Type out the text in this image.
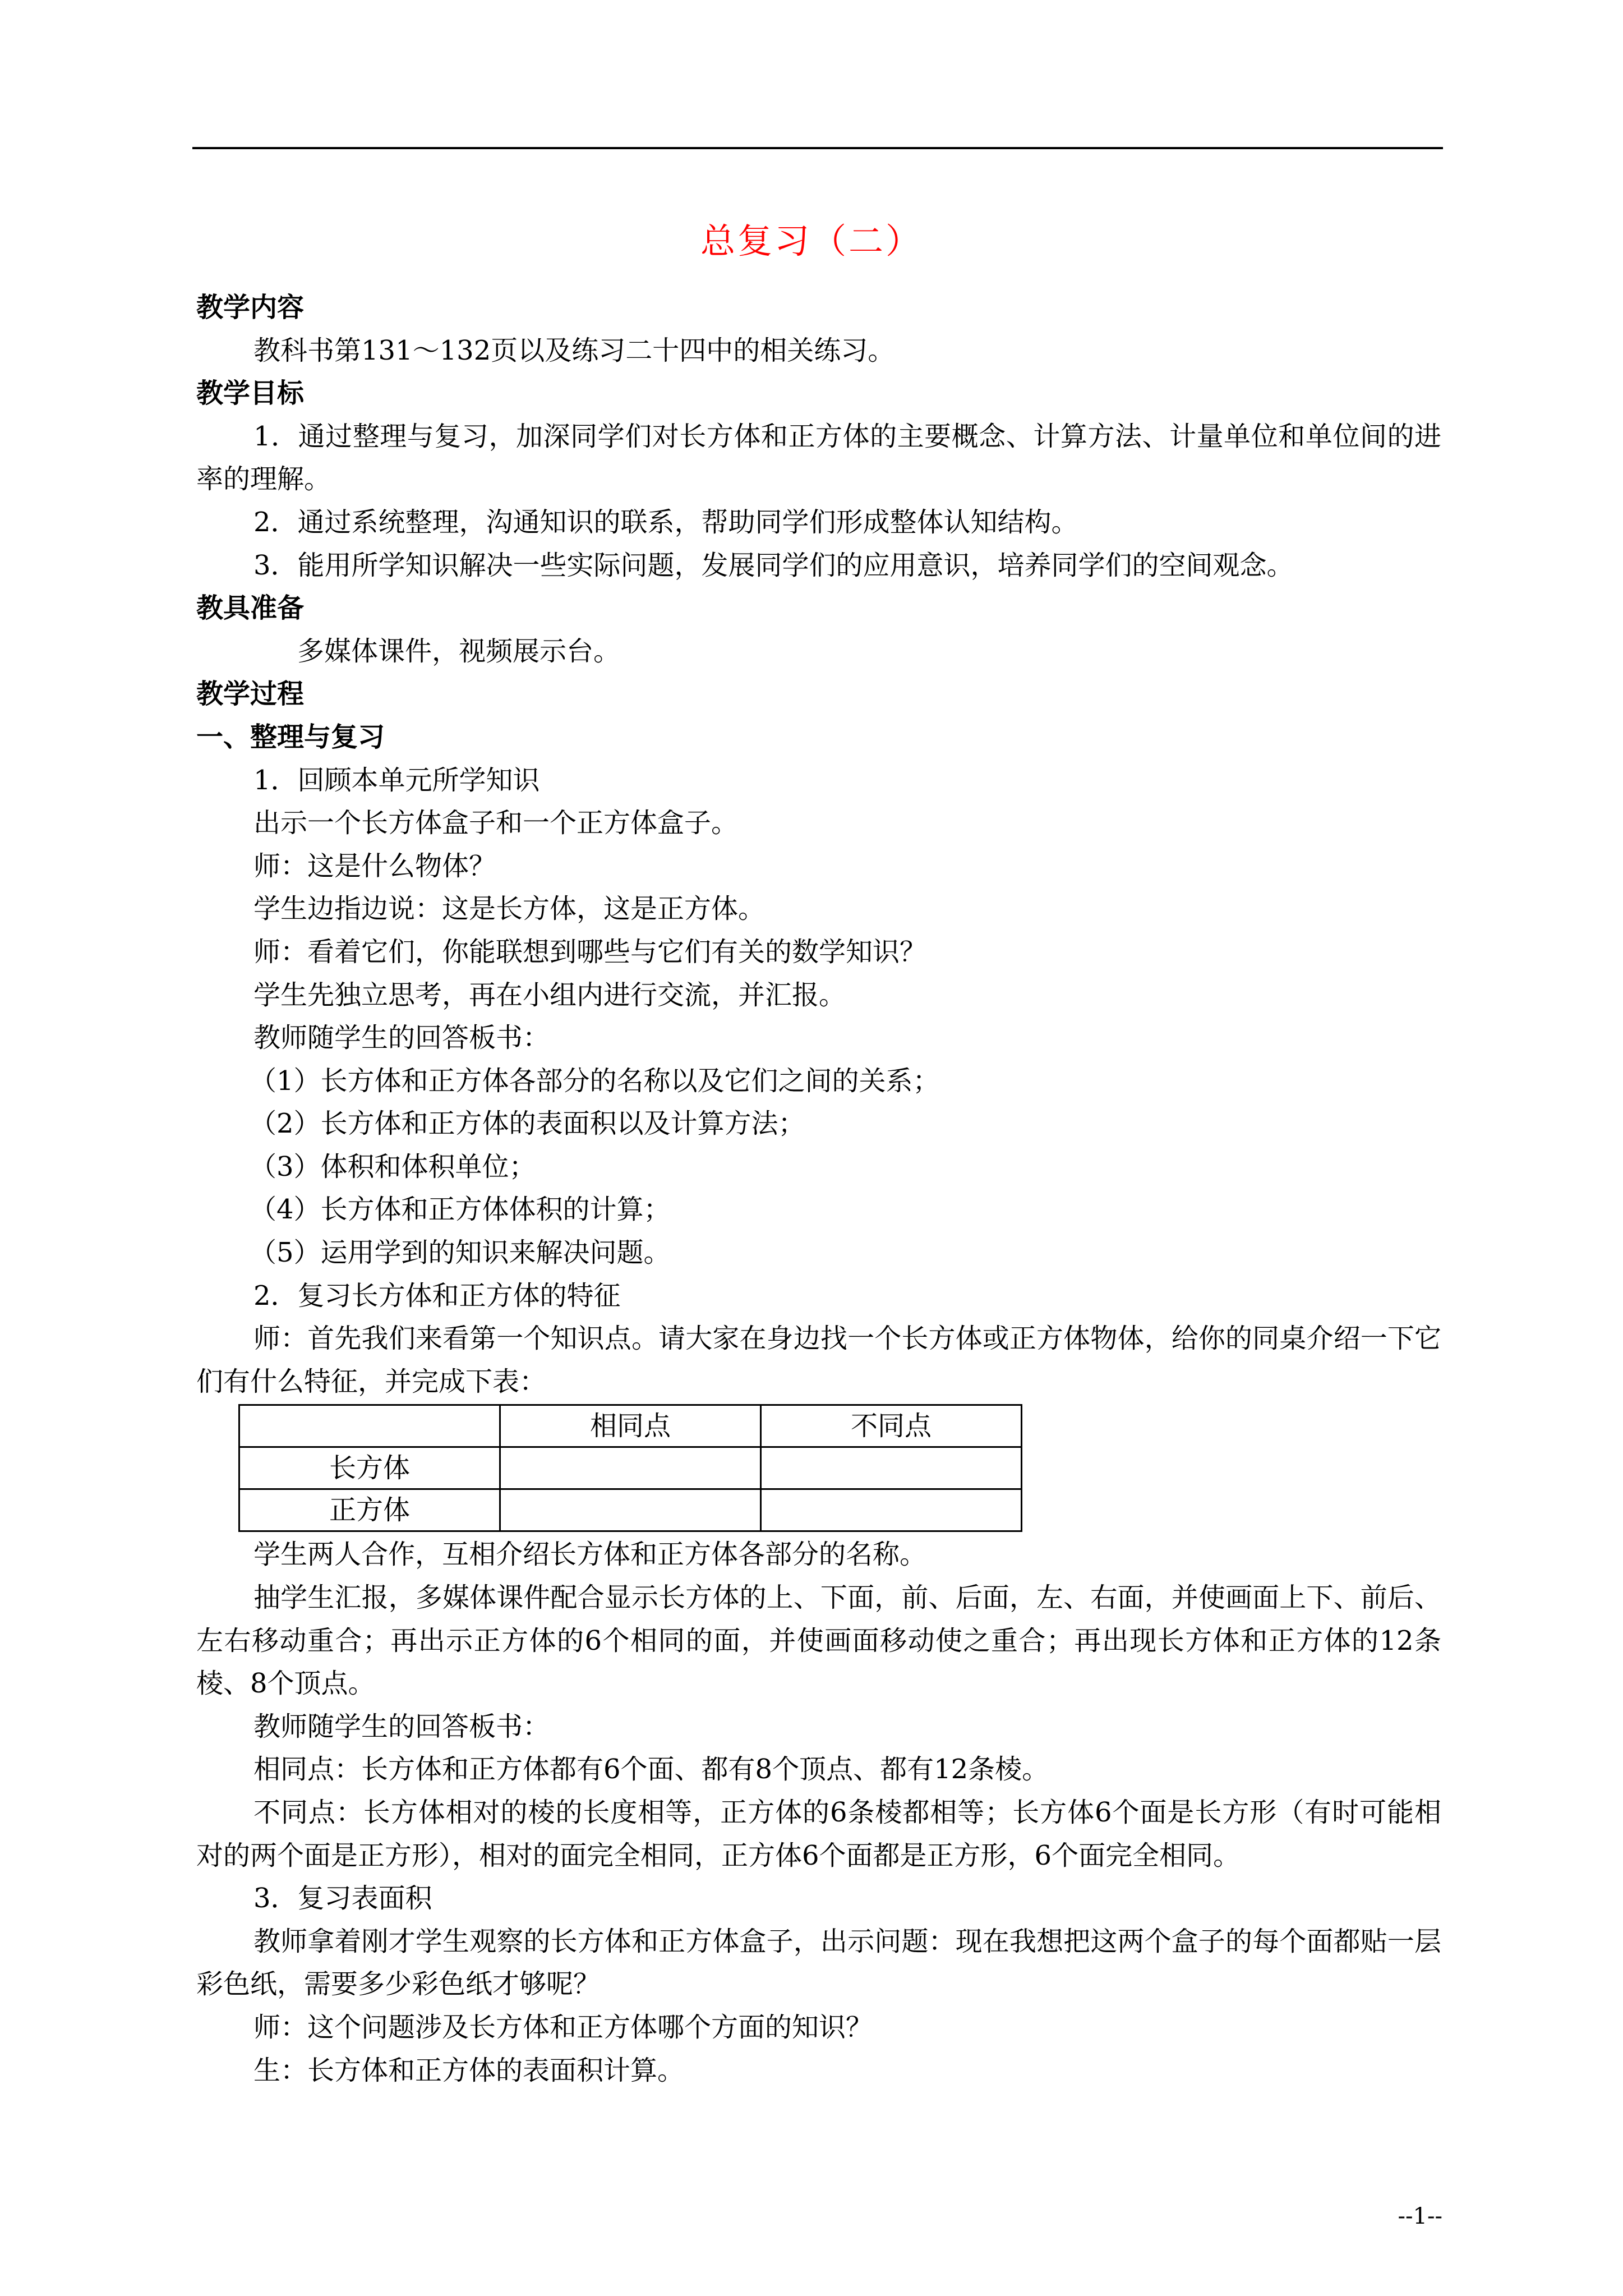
总复习（二）

教学内容

教科书第131～132页以及练习二十四中的相关练习。

教学目标

1．通过整理与复习，加深同学们对长方体和正方体的主要概念、计算方法、计量单位和单位间的进率的理解。

2．通过系统整理，沟通知识的联系，帮助同学们形成整体认知结构。

3．能用所学知识解决一些实际问题，发展同学们的应用意识，培养同学们的空间观念。

教具准备

多媒体课件，视频展示台。

教学过程

一、整理与复习

1．回顾本单元所学知识

出示一个长方体盒子和一个正方体盒子。

师：这是什么物体？

学生边指边说：这是长方体，这是正方体。

师：看着它们，你能联想到哪些与它们有关的数学知识？

学生先独立思考，再在小组内进行交流，并汇报。

教师随学生的回答板书：

（1）长方体和正方体各部分的名称以及它们之间的关系；

（2）长方体和正方体的表面积以及计算方法；

（3）体积和体积单位；

（4）长方体和正方体体积的计算；

（5）运用学到的知识来解决问题。

2．复习长方体和正方体的特征

师：首先我们来看第一个知识点。请大家在身边找一个长方体或正方体物体，给你的同桌介绍一下它们有什么特征，并完成下表：

	相同点	不同点
长方体		
正方体		

学生两人合作，互相介绍长方体和正方体各部分的名称。

抽学生汇报，多媒体课件配合显示长方体的上、下面，前、后面，左、右面，并使画面上下、前后、左右移动重合；再出示正方体的6个相同的面，并使画面移动使之重合；再出现长方体和正方体的12条棱、8个顶点。

教师随学生的回答板书：

相同点：长方体和正方体都有6个面、都有8个顶点、都有12条棱。

不同点：长方体相对的棱的长度相等，正方体的6条棱都相等；长方体6个面是长方形（有时可能相对的两个面是正方形），相对的面完全相同，正方体6个面都是正方形，6个面完全相同。

3．复习表面积

教师拿着刚才学生观察的长方体和正方体盒子，出示问题：现在我想把这两个盒子的每个面都贴一层彩色纸，需要多少彩色纸才够呢？

师：这个问题涉及长方体和正方体哪个方面的知识？

生：长方体和正方体的表面积计算。

--1--
